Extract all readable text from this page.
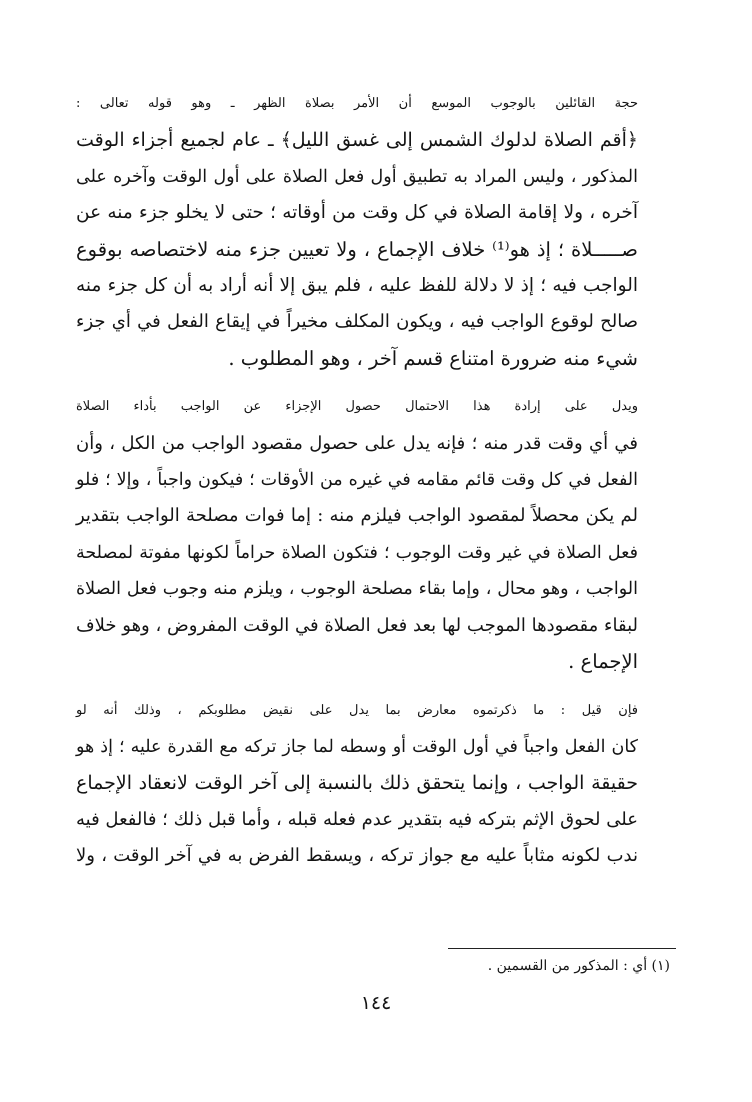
حجة القائلين بالوجوب الموسع أن الأمر بصلاة الظهر ـ وهو قوله تعالى :
﴿أقم الصلاة لدلوك الشمس إلى غسق الليل﴾ ـ عام لجميع أجزاء الوقت
المذكور ، وليس المراد به تطبيق أول فعل الصلاة على أول الوقت وآخره على
آخره ، ولا إقامة الصلاة في كل وقت من أوقاته ؛ حتى لا يخلو جزء منه عن
صـــــلاة ؛ إذ هو⁽¹⁾ خلاف الإجماع ، ولا تعيين جزء منه لاختصاصه بوقوع
الواجب فيه ؛ إذ لا دلالة للفظ عليه ، فلم يبق إلا أنه أراد به أن كل جزء منه
صالح لوقوع الواجب فيه ، ويكون المكلف مخيراً في إيقاع الفعل في أي جزء
شيء منه ضرورة امتناع قسم آخر ، وهو المطلوب .

ويدل على إرادة هذا الاحتمال حصول الإجزاء عن الواجب بأداء الصلاة
في أي وقت قدر منه ؛ فإنه يدل على حصول مقصود الواجب من الكل ، وأن
الفعل في كل وقت قائم مقامه في غيره من الأوقات ؛ فيكون واجباً ، وإلا ؛ فلو
لم يكن محصلاً لمقصود الواجب فيلزم منه : إما فوات مصلحة الواجب بتقدير
فعل الصلاة في غير وقت الوجوب ؛ فتكون الصلاة حراماً لكونها مفوتة لمصلحة
الواجب ، وهو محال ، وإما بقاء مصلحة الوجوب ، ويلزم منه وجوب فعل الصلاة
لبقاء مقصودها الموجب لها بعد فعل الصلاة في الوقت المفروض ، وهو خلاف
الإجماع .

فإن قيل : ما ذكرتموه معارض بما يدل على نقيض مطلوبكم ، وذلك أنه لو
كان الفعل واجباً في أول الوقت أو وسطه لما جاز تركه مع القدرة عليه ؛ إذ هو
حقيقة الواجب ، وإنما يتحقق ذلك بالنسبة إلى آخر الوقت لانعقاد الإجماع
على لحوق الإثم بتركه فيه بتقدير عدم فعله قبله ، وأما قبل ذلك ؛ فالفعل فيه
ندب لكونه مثاباً عليه مع جواز تركه ، ويسقط الفرض به في آخر الوقت ، ولا

(١) أي : المذكور من القسمين .
١٤٤
